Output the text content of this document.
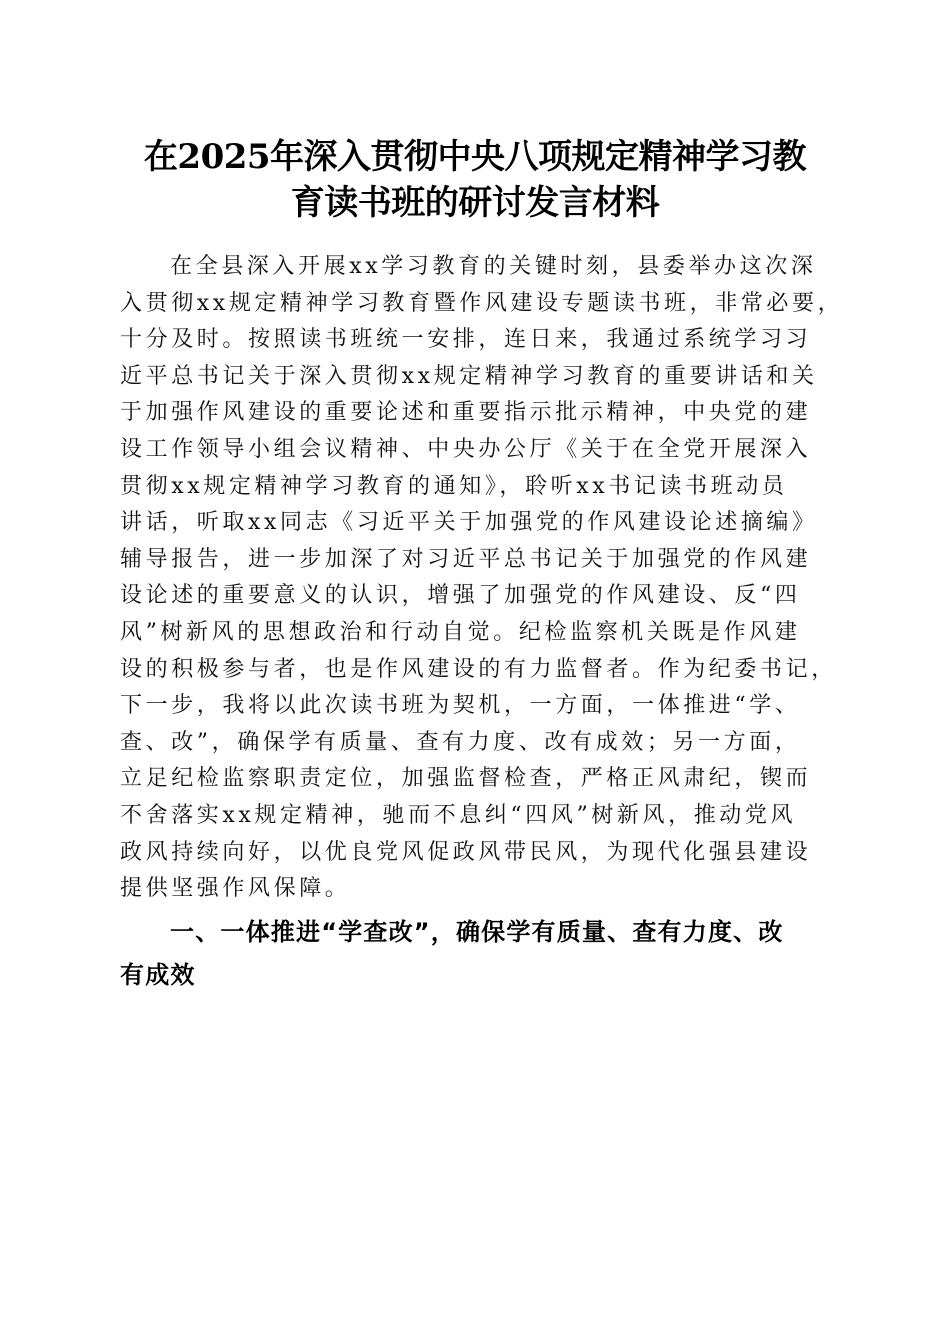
在2025年深入贯彻中央八项规定精神学习教
育读书班的研讨发言材料
在全县深入开展xx学习教育的关键时刻，县委举办这次深
入贯彻xx规定精神学习教育暨作风建设专题读书班，非常必要，
十分及时。按照读书班统一安排，连日来，我通过系统学习习
近平总书记关于深入贯彻xx规定精神学习教育的重要讲话和关
于加强作风建设的重要论述和重要指示批示精神，中央党的建
设工作领导小组会议精神、中央办公厅《关于在全党开展深入
贯彻xx规定精神学习教育的通知》，聆听xx书记读书班动员
讲话，听取xx同志《习近平关于加强党的作风建设论述摘编》
辅导报告，进一步加深了对习近平总书记关于加强党的作风建
设论述的重要意义的认识，增强了加强党的作风建设、反“四
风”树新风的思想政治和行动自觉。纪检监察机关既是作风建
设的积极参与者，也是作风建设的有力监督者。作为纪委书记，
下一步，我将以此次读书班为契机，一方面，一体推进“学、
查、改”，确保学有质量、查有力度、改有成效；另一方面，
立足纪检监察职责定位，加强监督检查，严格正风肃纪，锲而
不舍落实xx规定精神，驰而不息纠“四风”树新风，推动党风
政风持续向好，以优良党风促政风带民风，为现代化强县建设
提供坚强作风保障。
一、一体推进“学查改”，确保学有质量、查有力度、改
有成效
